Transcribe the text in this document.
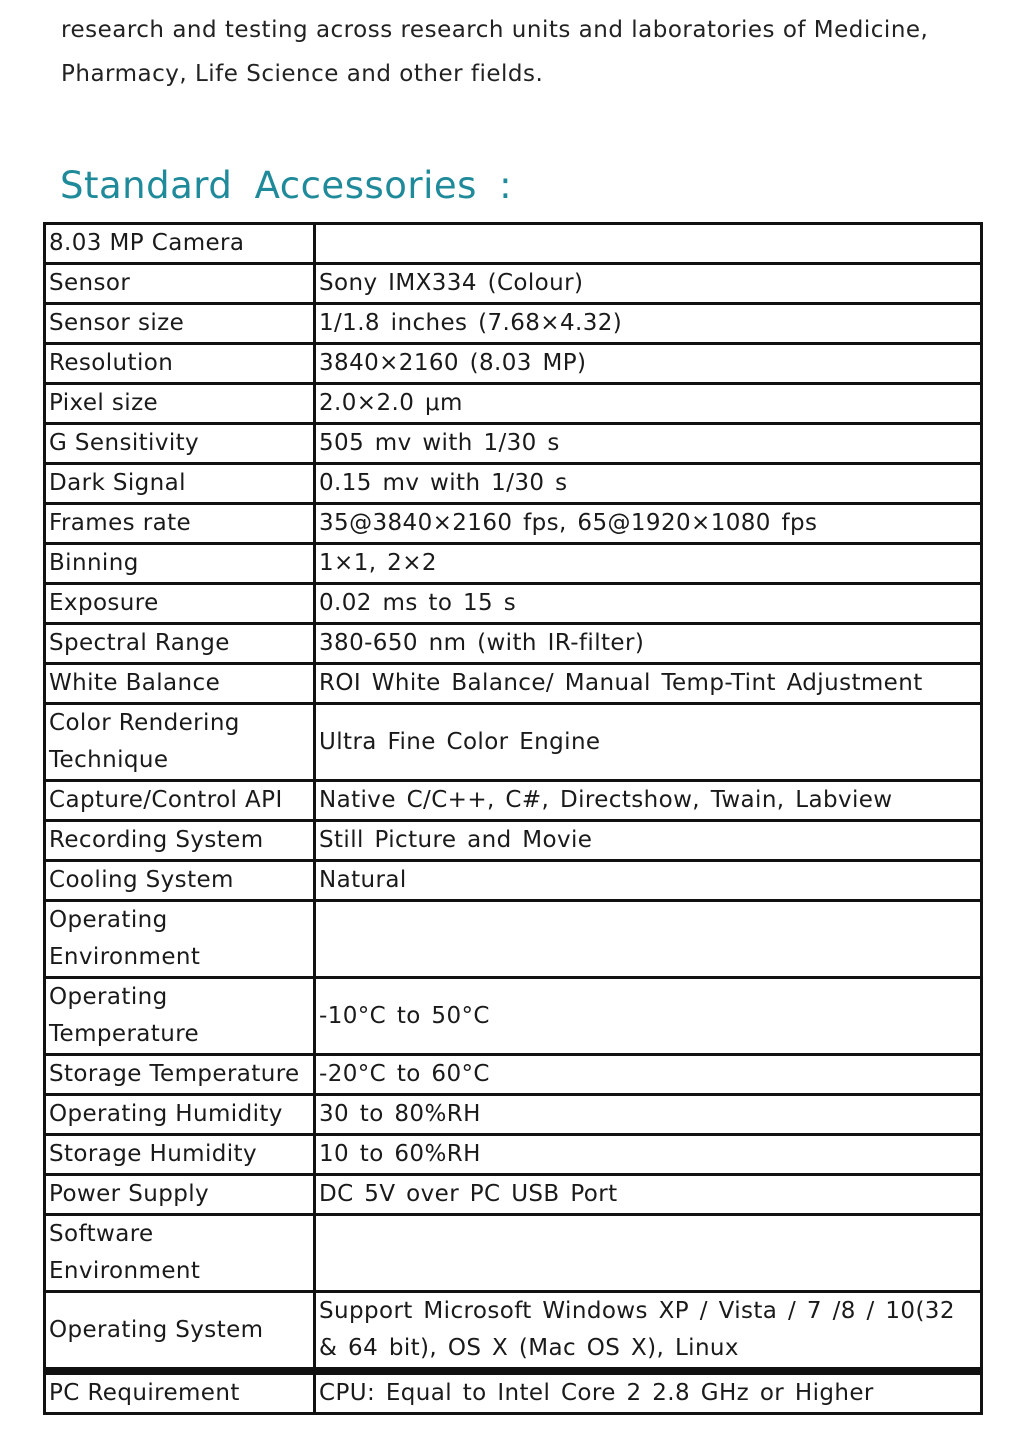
research and testing across research units and laboratories of Medicine,

Pharmacy, Life Science and other fields.

Standard Accessories :
8.03 MP Camera	
Sensor	Sony IMX334 (Colour)
Sensor size	1/1.8 inches (7.68×4.32)
Resolution	3840×2160 (8.03 MP)
Pixel size	2.0×2.0 μm
G Sensitivity	505 mv with 1/30 s
Dark Signal	0.15 mv with 1/30 s
Frames rate	35@3840×2160 fps, 65@1920×1080 fps
Binning	1×1, 2×2
Exposure	0.02 ms to 15 s
Spectral Range	380-650 nm (with IR-filter)
White Balance	ROI White Balance/ Manual Temp-Tint Adjustment
Color Rendering Technique	Ultra Fine Color Engine
Capture/Control API	Native C/C++, C#, Directshow, Twain, Labview
Recording System	Still Picture and Movie
Cooling System	Natural
Operating Environment	
Operating Temperature	-10°C to 50°C
Storage Temperature	-20°C to 60°C
Operating Humidity	30 to 80%RH
Storage Humidity	10 to 60%RH
Power Supply	DC 5V over PC USB Port
Software Environment	
Operating System	Support Microsoft Windows XP / Vista / 7 /8 / 10(32 & 64 bit), OS X (Mac OS X), Linux
PC Requirement	CPU: Equal to Intel Core 2 2.8 GHz or Higher
